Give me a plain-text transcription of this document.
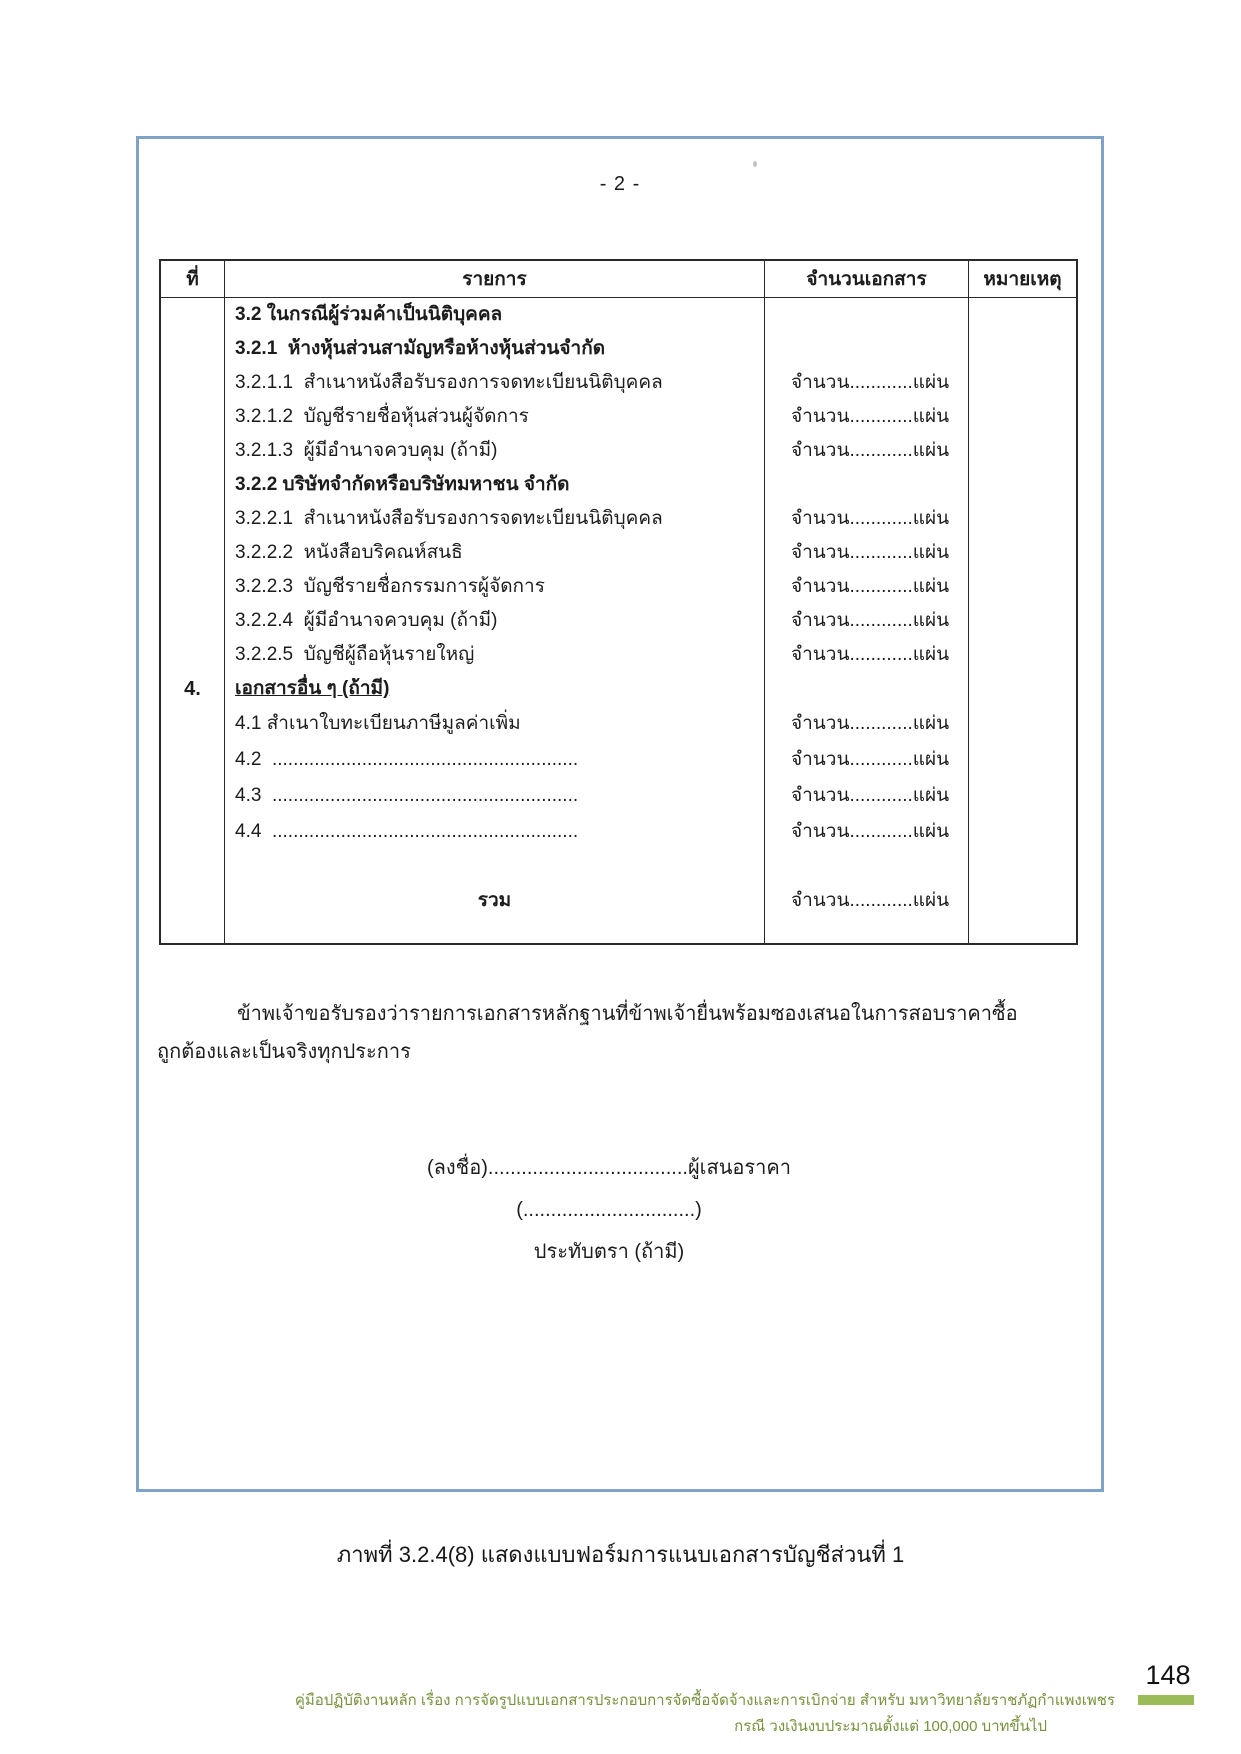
- 2 -
ที่	รายการ	จำนวนเอกสาร	หมายเหตุ
3.2 ในกรณีผู้ร่วมค้าเป็นนิติบุคคล
3.2.1  ห้างหุ้นส่วนสามัญหรือห้างหุ้นส่วนจำกัด
3.2.1.1  สำเนาหนังสือรับรองการจดทะเบียนนิติบุคคล	จำนวน............แผ่น
3.2.1.2  บัญชีรายชื่อหุ้นส่วนผู้จัดการ	จำนวน............แผ่น
3.2.1.3  ผู้มีอำนาจควบคุม (ถ้ามี)	จำนวน............แผ่น
3.2.2 บริษัทจำกัดหรือบริษัทมหาชน จำกัด
3.2.2.1  สำเนาหนังสือรับรองการจดทะเบียนนิติบุคคล	จำนวน............แผ่น
3.2.2.2  หนังสือบริคณห์สนธิ	จำนวน............แผ่น
3.2.2.3  บัญชีรายชื่อกรรมการผู้จัดการ	จำนวน............แผ่น
3.2.2.4  ผู้มีอำนาจควบคุม (ถ้ามี)	จำนวน............แผ่น
3.2.2.5  บัญชีผู้ถือหุ้นรายใหญ่	จำนวน............แผ่น
4.	เอกสารอื่น ๆ (ถ้ามี)
4.1 สำเนาใบทะเบียนภาษีมูลค่าเพิ่ม	จำนวน............แผ่น
4.2  ..........................................................	จำนวน............แผ่น
4.3  ..........................................................	จำนวน............แผ่น
4.4  ..........................................................	จำนวน............แผ่น
รวม	จำนวน............แผ่น
ข้าพเจ้าขอรับรองว่ารายการเอกสารหลักฐานที่ข้าพเจ้ายื่นพร้อมซองเสนอในการสอบราคาซื้อ
ถูกต้องและเป็นจริงทุกประการ
(ลงชื่อ)....................................ผู้เสนอราคา
(...............................)
ประทับตรา (ถ้ามี)
ภาพที่ 3.2.4(8) แสดงแบบฟอร์มการแนบเอกสารบัญชีส่วนที่ 1
คู่มือปฏิบัติงานหลัก เรื่อง การจัดรูปแบบเอกสารประกอบการจัดซื้อจัดจ้างและการเบิกจ่าย สำหรับ มหาวิทยาลัยราชภัฏกำแพงเพชร
กรณี วงเงินงบประมาณตั้งแต่ 100,000 บาทขึ้นไป
148
